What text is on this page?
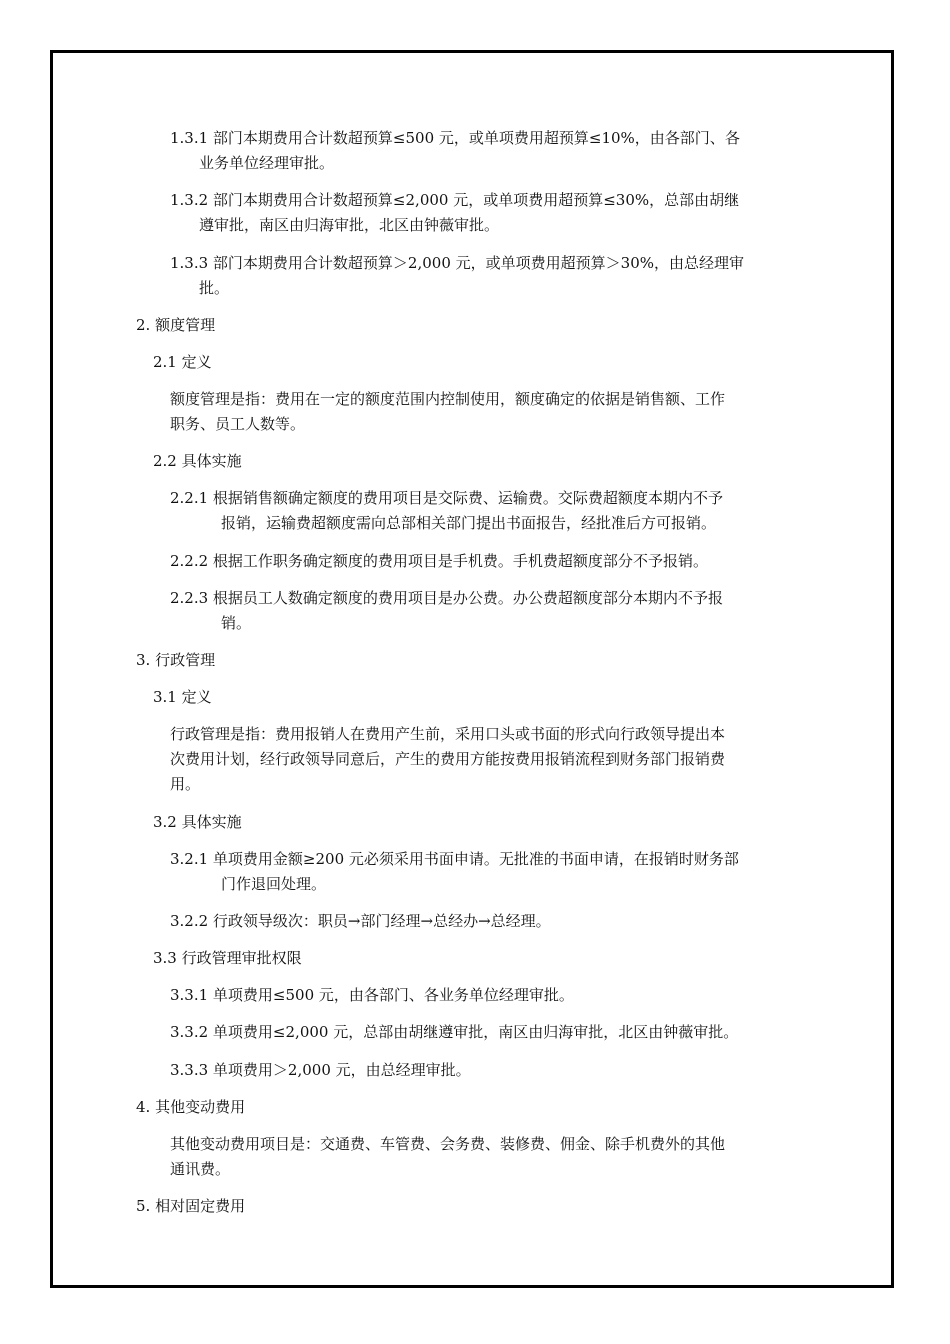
1.3.1 部门本期费用合计数超预算≤500 元，或单项费用超预算≤10%，由各部门、各
业务单位经理审批。
1.3.2 部门本期费用合计数超预算≤2,000 元，或单项费用超预算≤30%，总部由胡继
遵审批，南区由归海审批，北区由钟薇审批。
1.3.3 部门本期费用合计数超预算＞2,000 元，或单项费用超预算＞30%，由总经理审
批。
2. 额度管理
2.1 定义
额度管理是指：费用在一定的额度范围内控制使用，额度确定的依据是销售额、工作
职务、员工人数等。
2.2 具体实施
2.2.1 根据销售额确定额度的费用项目是交际费、运输费。交际费超额度本期内不予
报销，运输费超额度需向总部相关部门提出书面报告，经批准后方可报销。
2.2.2 根据工作职务确定额度的费用项目是手机费。手机费超额度部分不予报销。
2.2.3 根据员工人数确定额度的费用项目是办公费。办公费超额度部分本期内不予报
销。
3. 行政管理
3.1 定义
行政管理是指：费用报销人在费用产生前，采用口头或书面的形式向行政领导提出本
次费用计划，经行政领导同意后，产生的费用方能按费用报销流程到财务部门报销费
用。
3.2 具体实施
3.2.1 单项费用金额≥200 元必须采用书面申请。无批准的书面申请，在报销时财务部
门作退回处理。
3.2.2 行政领导级次：职员→部门经理→总经办→总经理。
3.3 行政管理审批权限
3.3.1 单项费用≤500 元，由各部门、各业务单位经理审批。
3.3.2 单项费用≤2,000 元，总部由胡继遵审批，南区由归海审批，北区由钟薇审批。
3.3.3 单项费用＞2,000 元，由总经理审批。
4. 其他变动费用
其他变动费用项目是：交通费、车管费、会务费、装修费、佣金、除手机费外的其他
通讯费。
5. 相对固定费用
